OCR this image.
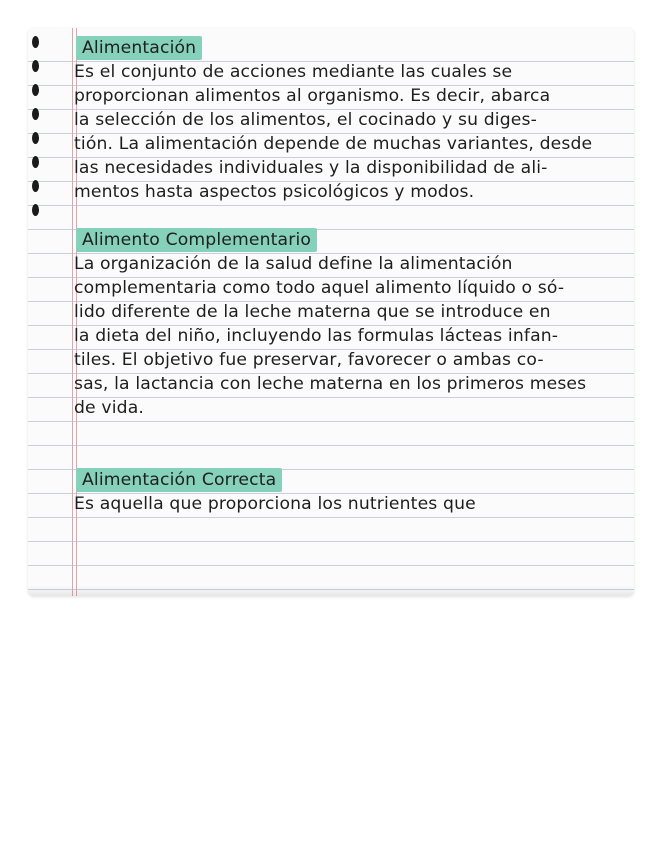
Alimentación
Es el conjunto de acciones mediante las cuales se
proporcionan alimentos al organismo. Es decir, abarca
la selección de los alimentos, el cocinado y su diges-
tión. La alimentación depende de muchas variantes, desde
las necesidades individuales y la disponibilidad de ali-
mentos hasta aspectos psicológicos y modos.
Alimento Complementario
La organización de la salud define la alimentación
complementaria como todo aquel alimento líquido o só-
lido diferente de la leche materna que se introduce en
la dieta del niño, incluyendo las formulas lácteas infan-
tiles. El objetivo fue preservar, favorecer o ambas co-
sas, la lactancia con leche materna en los primeros meses
de vida.
Alimentación Correcta
Es aquella que proporciona los nutrientes que
